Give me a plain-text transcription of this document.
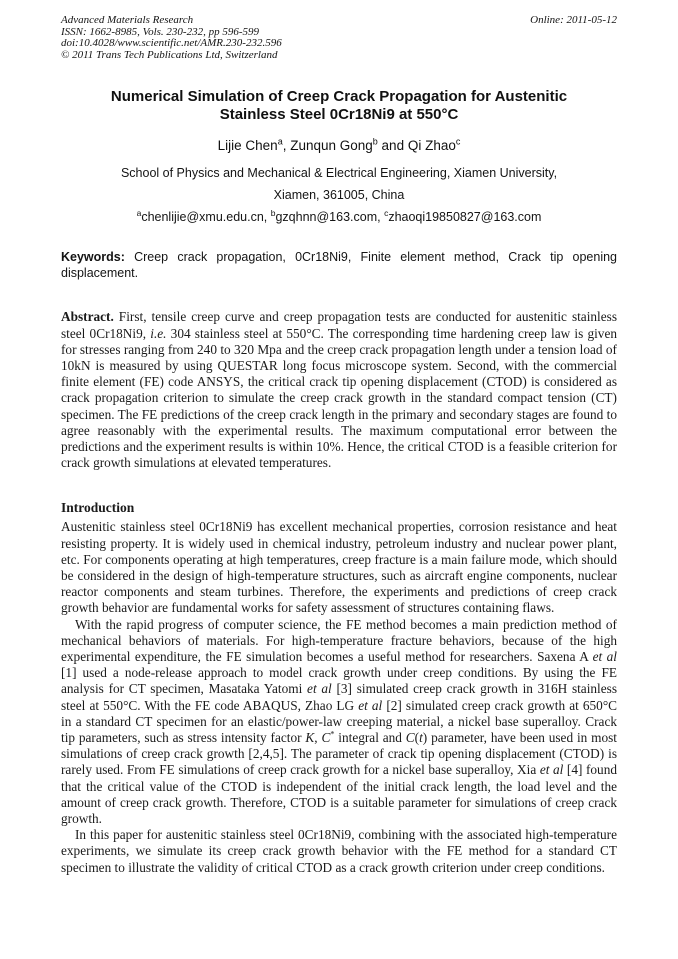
Advanced Materials Research	Online: 2011-05-12
ISSN: 1662-8985, Vols. 230-232, pp 596-599
doi:10.4028/www.scientific.net/AMR.230-232.596
© 2011 Trans Tech Publications Ltd, Switzerland
Numerical Simulation of Creep Crack Propagation for Austenitic
Stainless Steel 0Cr18Ni9 at 550°C
Lijie Chen$^a$, Zunqun Gong$^b$ and Qi Zhao$^c$
School of Physics and Mechanical & Electrical Engineering, Xiamen University,
Xiamen, 361005, China
$^a$chenlijie@xmu.edu.cn, $^b$gzqhnn@163.com, $^c$zhaoqi19850827@163.com
Keywords: Creep crack propagation, 0Cr18Ni9, Finite element method, Crack tip opening displacement.
Abstract. First, tensile creep curve and creep propagation tests are conducted for austenitic stainless steel 0Cr18Ni9, i.e. 304 stainless steel at 550°C. The corresponding time hardening creep law is given for stresses ranging from 240 to 320 Mpa and the creep crack propagation length under a tension load of 10kN is measured by using QUESTAR long focus microscope system. Second, with the commercial finite element (FE) code ANSYS, the critical crack tip opening displacement (CTOD) is considered as crack propagation criterion to simulate the creep crack growth in the standard compact tension (CT) specimen. The FE predictions of the creep crack length in the primary and secondary stages are found to agree reasonably with the experimental results. The maximum computational error between the predictions and the experiment results is within 10%. Hence, the critical CTOD is a feasible criterion for crack growth simulations at elevated temperatures.
Introduction

Austenitic stainless steel 0Cr18Ni9 has excellent mechanical properties, corrosion resistance and heat resisting property. It is widely used in chemical industry, petroleum industry and nuclear power plant, etc. For components operating at high temperatures, creep fracture is a main failure mode, which should be considered in the design of high-temperature structures, such as aircraft engine components, nuclear reactor components and steam turbines. Therefore, the experiments and predictions of creep crack growth behavior are fundamental works for safety assessment of structures containing flaws.

With the rapid progress of computer science, the FE method becomes a main prediction method of mechanical behaviors of materials. For high-temperature fracture behaviors, because of the high experimental expenditure, the FE simulation becomes a useful method for researchers. Saxena A et al [1] used a node-release approach to model crack growth under creep conditions. By using the FE analysis for CT specimen, Masataka Yatomi et al [3] simulated creep crack growth in 316H stainless steel at 550°C. With the FE code ABAQUS, Zhao LG et al [2] simulated creep crack growth at 650°C in a standard CT specimen for an elastic/power-law creeping material, a nickel base superalloy. Crack tip parameters, such as stress intensity factor K, C* integral and C(t) parameter, have been used in most simulations of creep crack growth [2,4,5]. The parameter of crack tip opening displacement (CTOD) is rarely used. From FE simulations of creep crack growth for a nickel base superalloy, Xia et al [4] found that the critical value of the CTOD is independent of the initial crack length, the load level and the amount of creep crack growth. Therefore, CTOD is a suitable parameter for simulations of creep crack growth.

In this paper for austenitic stainless steel 0Cr18Ni9, combining with the associated high-temperature experiments, we simulate its creep crack growth behavior with the FE method for a standard CT specimen to illustrate the validity of critical CTOD as a crack growth criterion under creep conditions.
